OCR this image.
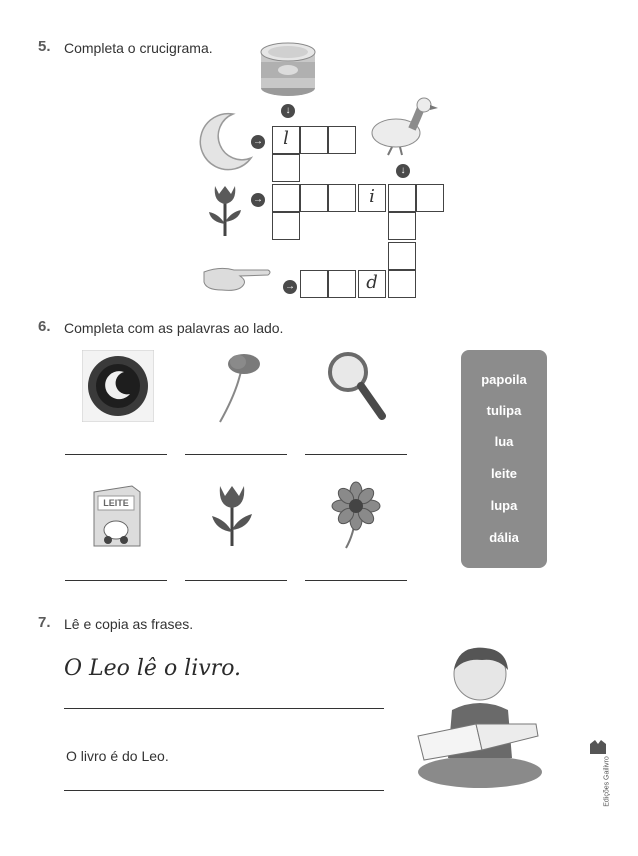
5. Completa o crucigrama.
↓
→
↓
→
→
l
i
d
6. Completa com as palavras ao lado.
LEITE
papoila
tulipa
lua
leite
lupa
dália
7. Lê e copia as frases.
O Leo lê o livro.
O livro é do Leo.
Edições Gailivro
